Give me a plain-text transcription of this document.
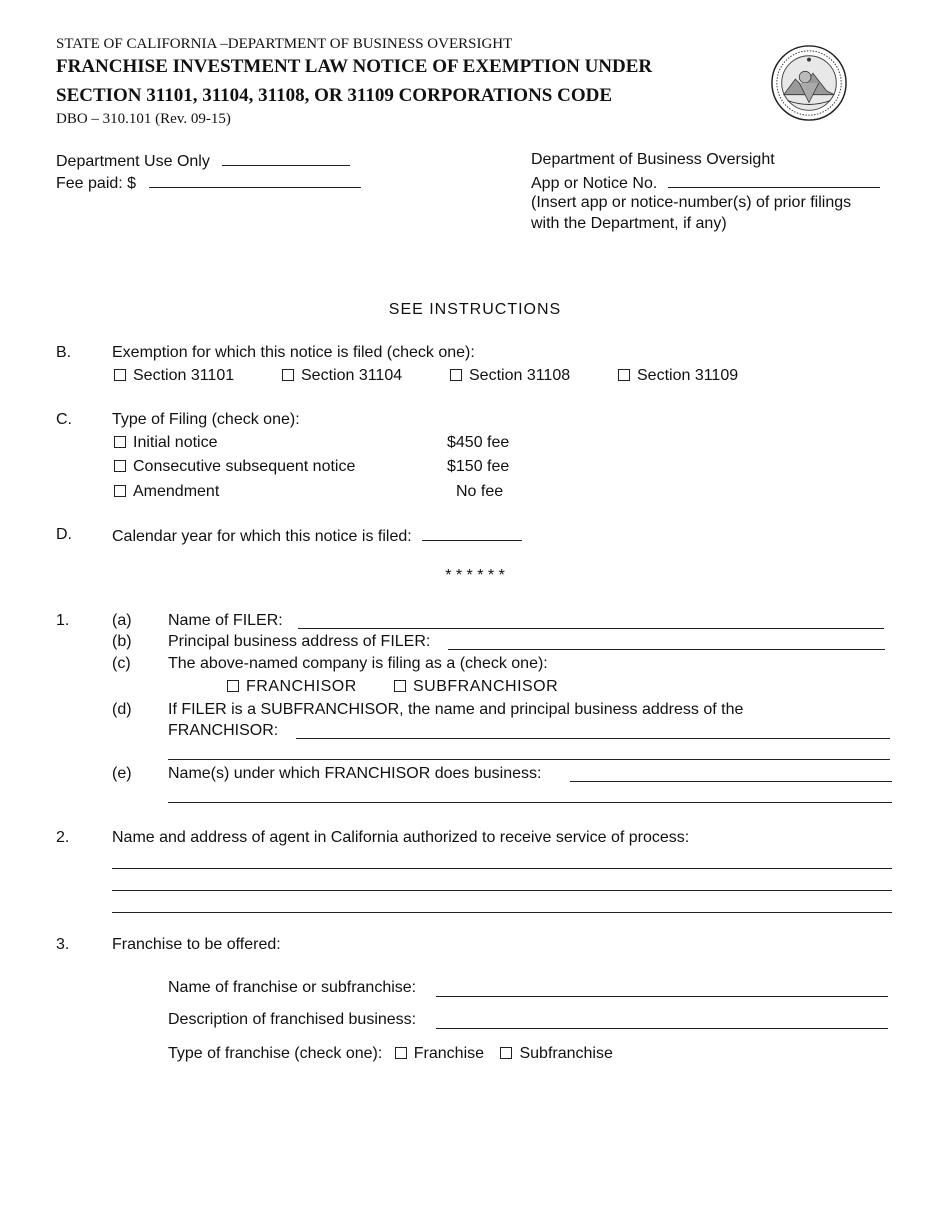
STATE OF CALIFORNIA –DEPARTMENT OF BUSINESS OVERSIGHT
FRANCHISE INVESTMENT LAW NOTICE OF EXEMPTION UNDER
SECTION 31101, 31104, 31108, OR 31109 CORPORATIONS CODE
DBO – 310.101 (Rev. 09-15)
Department Use Only
Fee paid: $
Department of Business Oversight
App or Notice No.
(Insert app or notice-number(s) of prior filings
with the Department, if any)
SEE INSTRUCTIONS
B.	Exemption for which this notice is filed (check one):
Section 31101	Section 31104	Section 31108	Section 31109
C.	Type of Filing (check one):
Initial notice	$450 fee
Consecutive subsequent notice	$150 fee
Amendment	No fee
D.	Calendar year for which this notice is filed:
* * * * * *
1.	(a) Name of FILER:
(b) Principal business address of FILER:
(c) The above-named company is filing as a (check one):
FRANCHISOR	SUBFRANCHISOR
(d) If FILER is a SUBFRANCHISOR, the name and principal business address of the
FRANCHISOR:
(e) Name(s) under which FRANCHISOR does business:
2.	Name and address of agent in California authorized to receive service of process:
3.	Franchise to be offered:
Name of franchise or subfranchise:
Description of franchised business:
Type of franchise (check one): Franchise Subfranchise
